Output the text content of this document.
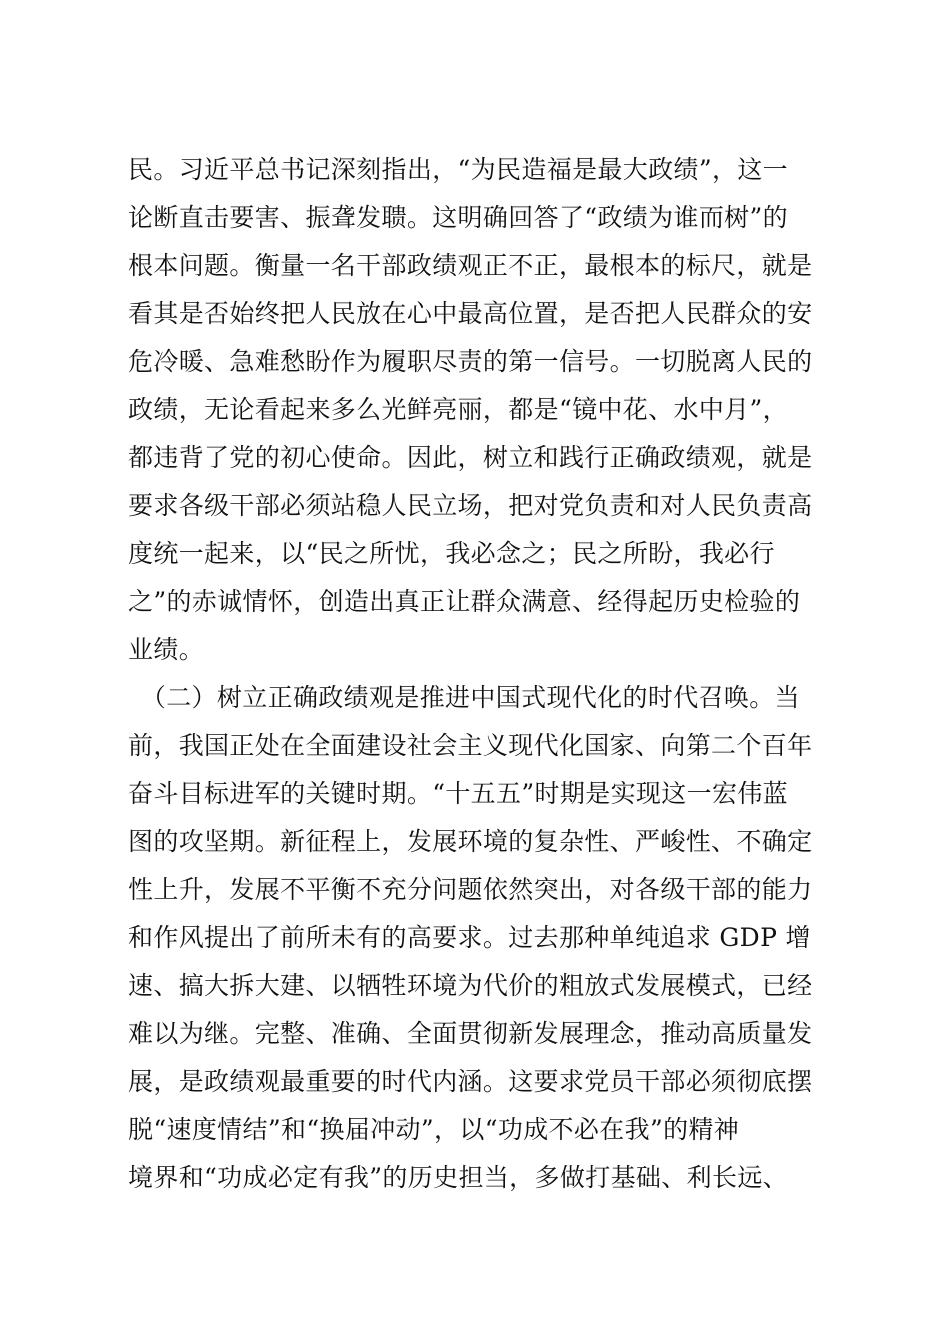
民。习近平总书记深刻指出，“为民造福是最大政绩”，这一
论断直击要害、振聋发聩。这明确回答了“政绩为谁而树”的
根本问题。衡量一名干部政绩观正不正，最根本的标尺，就是
看其是否始终把人民放在心中最高位置，是否把人民群众的安
危冷暖、急难愁盼作为履职尽责的第一信号。一切脱离人民的
政绩，无论看起来多么光鲜亮丽，都是“镜中花、水中月”，
都违背了党的初心使命。因此，树立和践行正确政绩观，就是
要求各级干部必须站稳人民立场，把对党负责和对人民负责高
度统一起来，以“民之所忧，我必念之；民之所盼，我必行
之”的赤诚情怀，创造出真正让群众满意、经得起历史检验的
业绩。
　（二）树立正确政绩观是推进中国式现代化的时代召唤。当
前，我国正处在全面建设社会主义现代化国家、向第二个百年
奋斗目标进军的关键时期。“十五五”时期是实现这一宏伟蓝
图的攻坚期。新征程上，发展环境的复杂性、严峻性、不确定
性上升，发展不平衡不充分问题依然突出，对各级干部的能力
和作风提出了前所未有的高要求。过去那种单纯追求 GDP 增
速、搞大拆大建、以牺牲环境为代价的粗放式发展模式，已经
难以为继。完整、准确、全面贯彻新发展理念，推动高质量发
展，是政绩观最重要的时代内涵。这要求党员干部必须彻底摆
脱“速度情结”和“换届冲动”，以“功成不必在我”的精神
境界和“功成必定有我”的历史担当，多做打基础、利长远、
